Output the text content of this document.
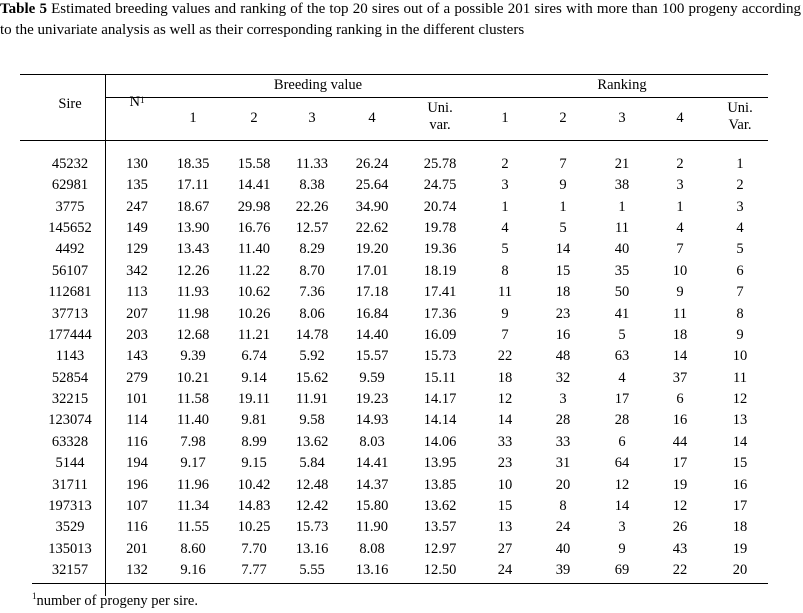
Table 5 Estimated breeding values and ranking of the top 20 sires out of a possible 201 sires with more than 100 progeny according to the univariate analysis as well as their corresponding ranking in the different clusters
Sire	$N^1$
Breeding value	Ranking
1	2	3	4
Uni.
var.	1	2	3	4
Uni.
Var.
45232	130 18.35 15.58 11.33 26.24 25.78	2	7	21	2	1
62981	135 17.11 14.41 8.38 25.64 24.75	3	9	38	3	2
3775	247 18.67 29.98 22.26 34.90 20.74	1	1	1	1	3
145652 149 13.90 16.76 12.57 22.62 19.78	4	5	11	4	4
4492	129 13.43 11.40 8.29 19.20 19.36	5	14	40	7	5
56107	342 12.26 11.22 8.70 17.01 18.19	8	15	35	10	6
112681 113 11.93 10.62 7.36 17.18 17.41	11	18	50	9	7
37713	207 11.98 10.26 8.06 16.84 17.36	9	23	41	11	8
177444 203 12.68 11.21 14.78 14.40 16.09	7	16	5	18	9
1143	143 9.39 6.74 5.92 15.57 15.73	22	48	63	14	10
52854	279 10.21 9.14 15.62 9.59	15.11	18	32	4	37	11
32215	101 11.58 19.11 11.91 19.23 14.17	12	3	17	6	12
123074 114 11.40 9.81 9.58 14.93 14.14	14	28	28	16	13
63328	116 7.98 8.99 13.62 8.03	14.06	33	33	6	44	14
5144	194 9.17 9.15 5.84 14.41 13.95	23	31	64	17	15
31711	196 11.96 10.42 12.48 14.37 13.85	10	20	12	19	16
197313 107 11.34 14.83 12.42 15.80 13.62	15	8	14	12	17
3529	116 11.55 10.25 15.73 11.90 13.57	13	24	3	26	18
135013 201 8.60 7.70 13.16 8.08	12.97	27	40	9	43	19
32157	132 9.16 7.77 5.55 13.16 12.50	24	39	69	22	20
$^1$number of progeny per sire.
